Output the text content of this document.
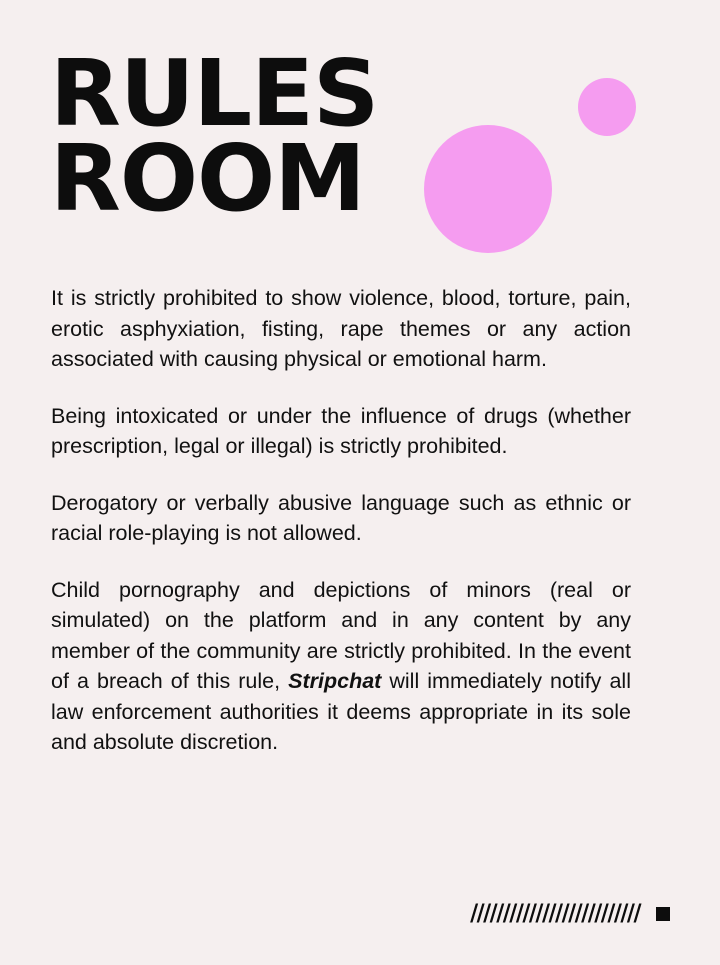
RULES
ROOM

It is strictly prohibited to show violence, blood, torture, pain, erotic asphyxiation, fisting, rape themes or any action associated with causing physical or emotional harm.

Being intoxicated or under the influence of drugs (whether prescription, legal or illegal) is strictly prohibited.

Derogatory or verbally abusive language such as ethnic or racial role-playing is not allowed.

Child pornography and depictions of minors (real or simulated) on the platform and in any content by any member of the community are strictly prohibited. In the event of a breach of this rule, Stripchat will immediately notify all law enforcement authorities it deems appropriate in its sole and absolute discretion.

//////////////////////////
